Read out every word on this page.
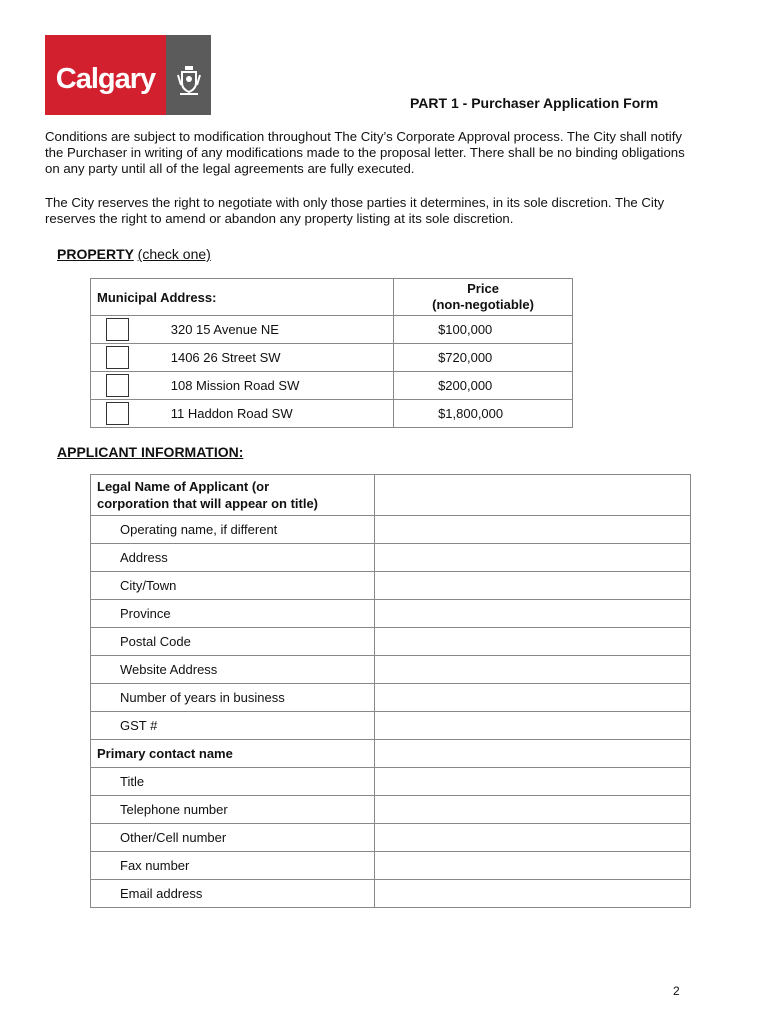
Calgary
PART 1 - Purchaser Application Form
Conditions are subject to modification throughout The City’s Corporate Approval process. The City shall notify the Purchaser in writing of any modifications made to the proposal letter. There shall be no binding obligations on any party until all of the legal agreements are fully executed.
The City reserves the right to negotiate with only those parties it determines, in its sole discretion. The City reserves the right to amend or abandon any property listing at its sole discretion.
PROPERTY (check one)
Municipal Address:		Price
(non-negotiable)

	320 15 Avenue NE	$100,000
	1406 26 Street SW	$720,000
	108 Mission Road SW	$200,000
	11 Haddon Road SW	$1,800,000
APPLICANT INFORMATION:
Legal Name of Applicant (or
corporation that will appear on title)

Operating name, if different	

Address	

City/Town	

Province	

Postal Code	

Website Address	

Number of years in business	

GST #	

Primary contact name	

Title	

Telephone number	

Other/Cell number	

Fax number	

Email address	
2
